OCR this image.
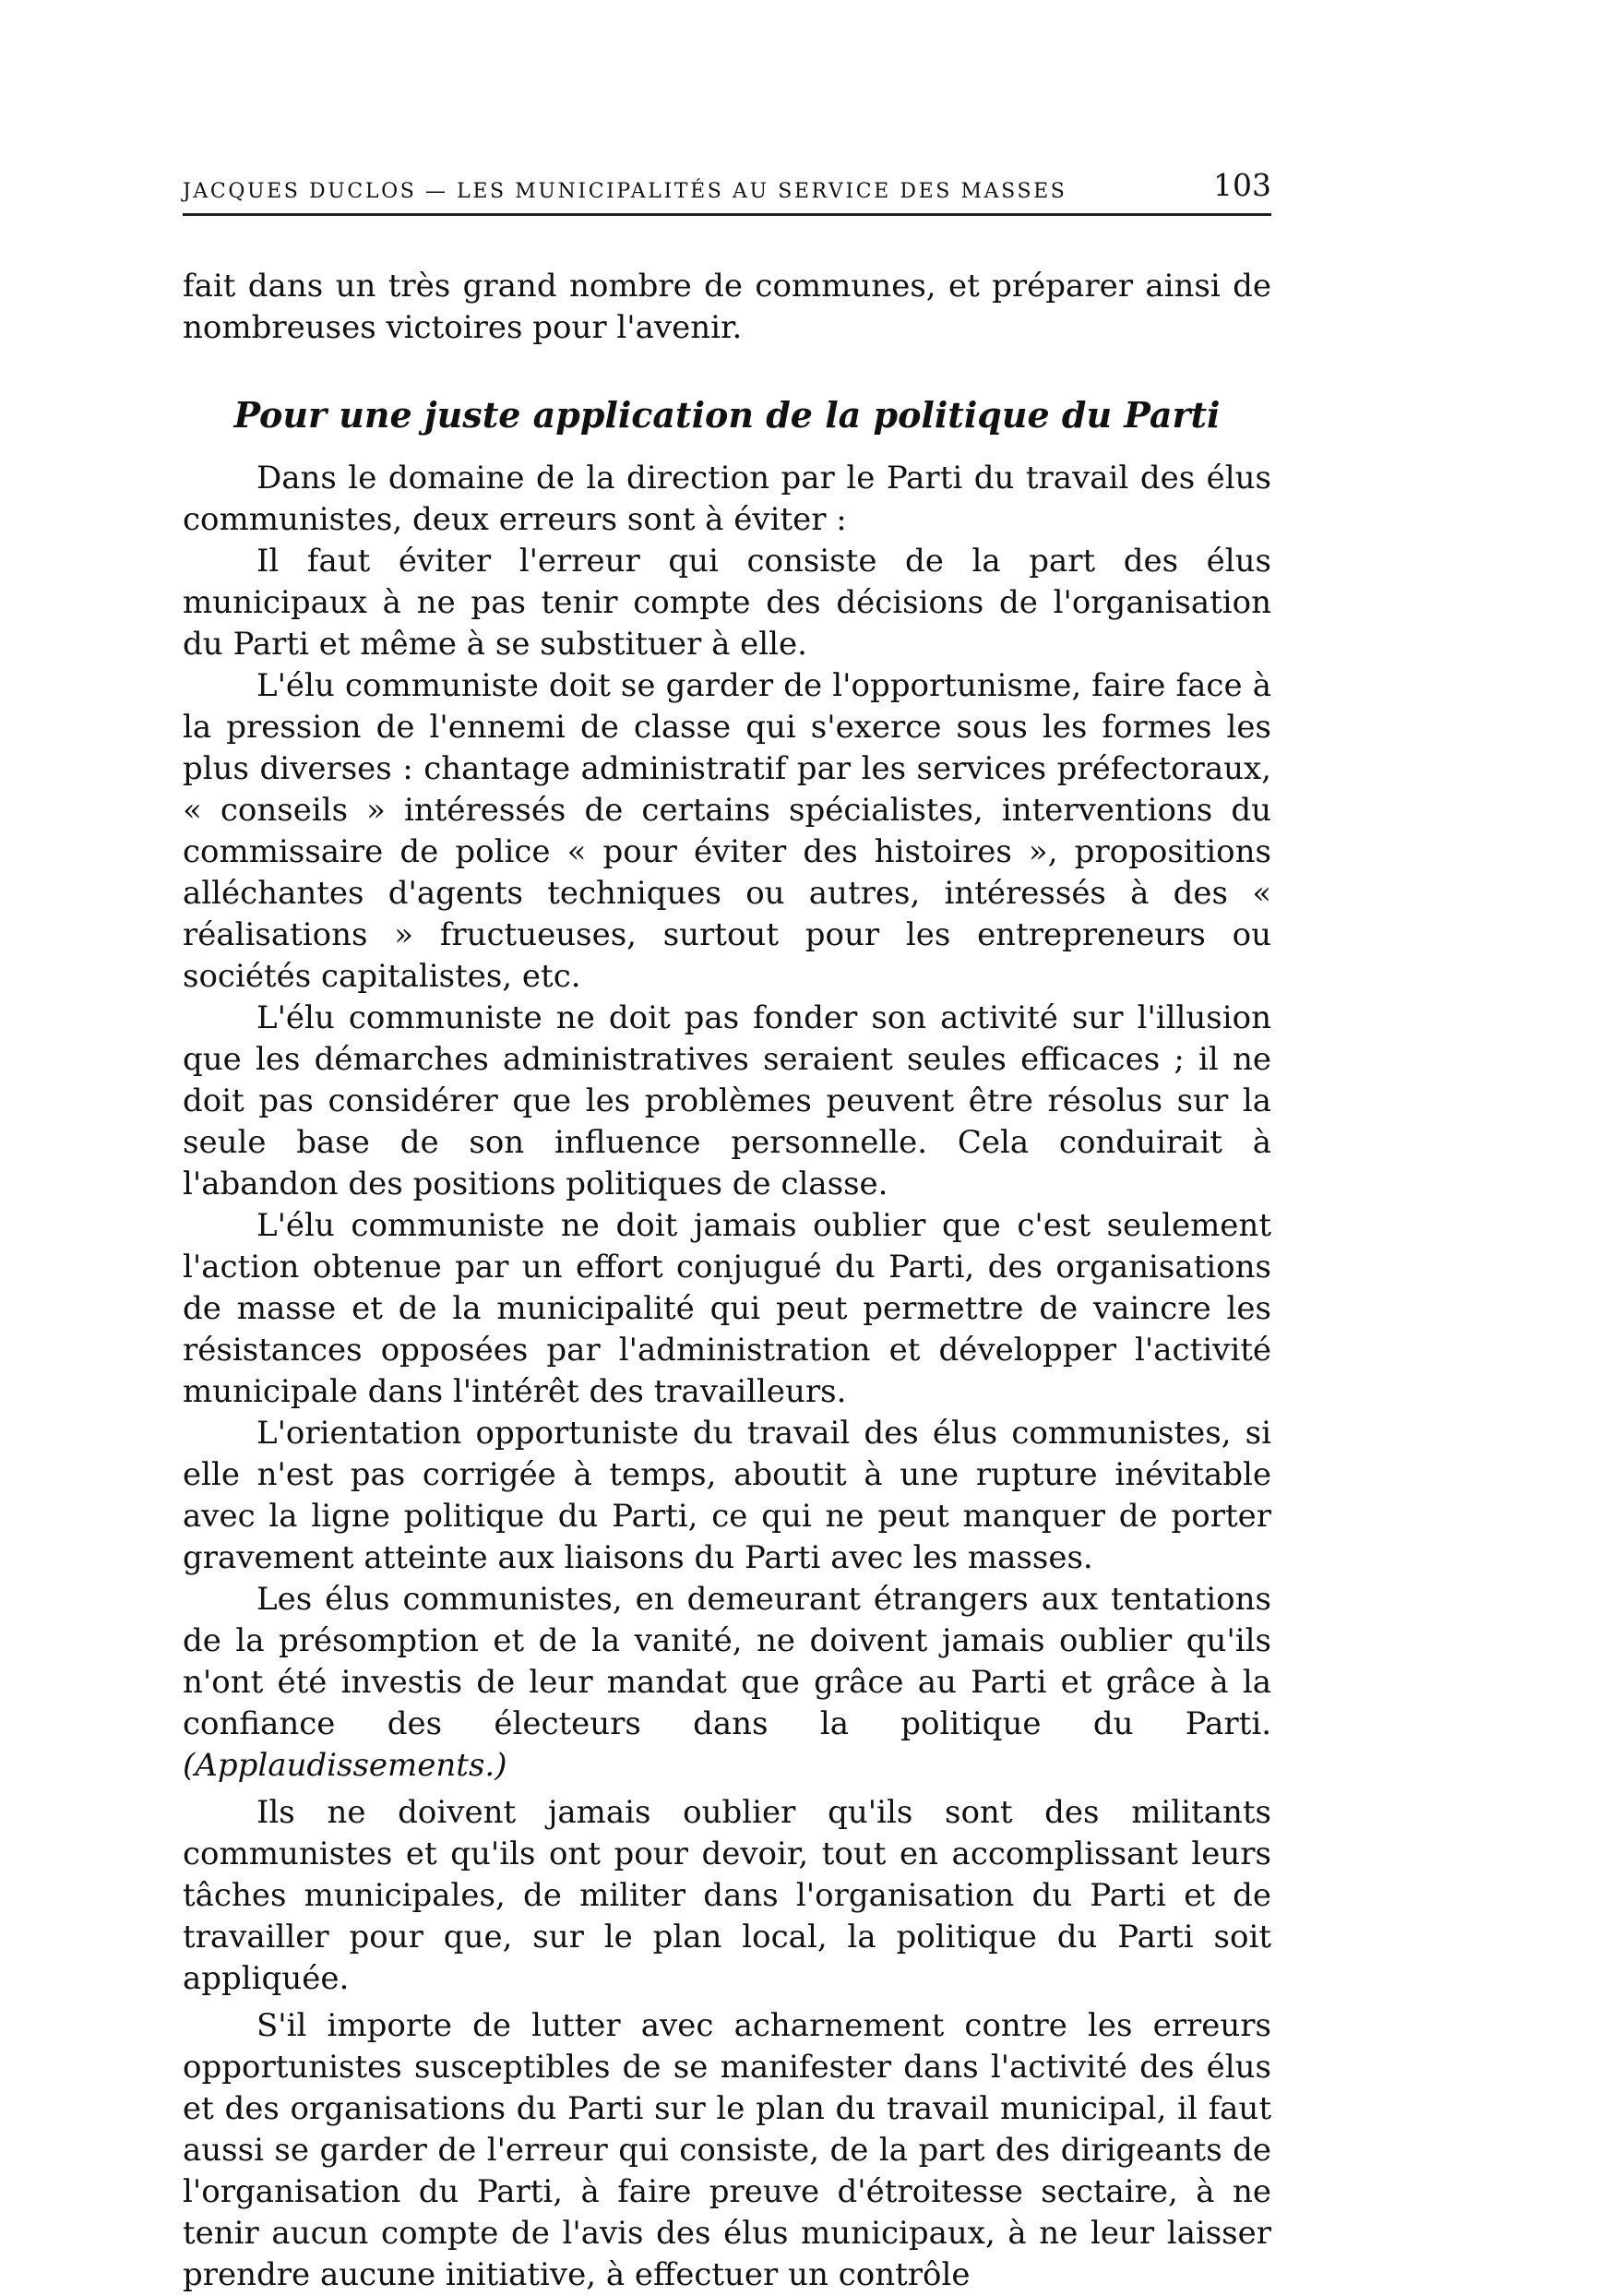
JACQUES DUCLOS — LES MUNICIPALITÉS AU SERVICE DES MASSES	103

fait dans un très grand nombre de communes, et préparer ainsi de nombreuses victoires pour l'avenir.

Pour une juste application de la politique du Parti

Dans le domaine de la direction par le Parti du travail des élus communistes, deux erreurs sont à éviter :

Il faut éviter l'erreur qui consiste de la part des élus municipaux à ne pas tenir compte des décisions de l'organisation du Parti et même à se substituer à elle.

L'élu communiste doit se garder de l'opportunisme, faire face à la pression de l'ennemi de classe qui s'exerce sous les formes les plus diverses : chantage administratif par les services préfectoraux, « conseils » intéressés de certains spécialistes, interventions du commissaire de police « pour éviter des histoires », propositions alléchantes d'agents techniques ou autres, intéressés à des « réalisations » fructueuses, surtout pour les entrepreneurs ou sociétés capitalistes, etc.

L'élu communiste ne doit pas fonder son activité sur l'illusion que les démarches administratives seraient seules efficaces ; il ne doit pas considérer que les problèmes peuvent être résolus sur la seule base de son influence personnelle. Cela conduirait à l'abandon des positions politiques de classe.

L'élu communiste ne doit jamais oublier que c'est seulement l'action obtenue par un effort conjugué du Parti, des organisations de masse et de la municipalité qui peut permettre de vaincre les résistances opposées par l'administration et développer l'activité municipale dans l'intérêt des travailleurs.

L'orientation opportuniste du travail des élus communistes, si elle n'est pas corrigée à temps, aboutit à une rupture inévitable avec la ligne politique du Parti, ce qui ne peut manquer de porter gravement atteinte aux liaisons du Parti avec les masses.

Les élus communistes, en demeurant étrangers aux tentations de la présomption et de la vanité, ne doivent jamais oublier qu'ils n'ont été investis de leur mandat que grâce au Parti et grâce à la confiance des électeurs dans la politique du Parti. (Applaudissements.)

Ils ne doivent jamais oublier qu'ils sont des militants communistes et qu'ils ont pour devoir, tout en accomplissant leurs tâches municipales, de militer dans l'organisation du Parti et de travailler pour que, sur le plan local, la politique du Parti soit appliquée.

S'il importe de lutter avec acharnement contre les erreurs opportunistes susceptibles de se manifester dans l'activité des élus et des organisations du Parti sur le plan du travail municipal, il faut aussi se garder de l'erreur qui consiste, de la part des dirigeants de l'organisation du Parti, à faire preuve d'étroitesse sectaire, à ne tenir aucun compte de l'avis des élus municipaux, à ne leur laisser prendre aucune initiative, à effectuer un contrôle
